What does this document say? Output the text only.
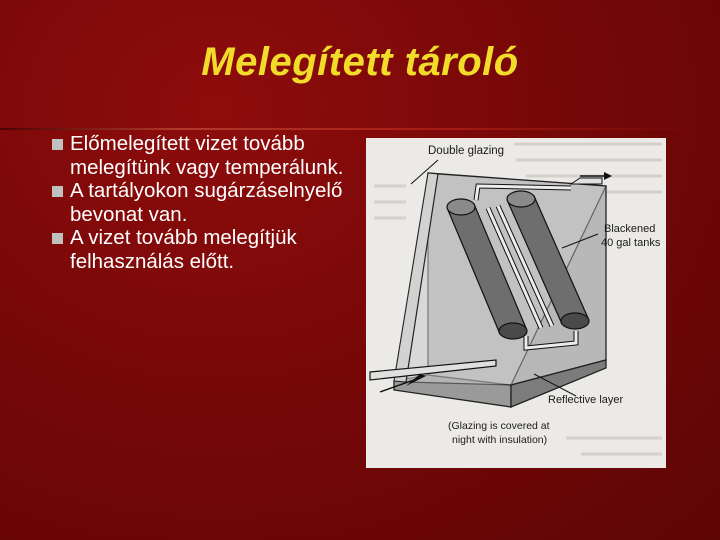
Melegített tároló
Előmelegített vizet tovább melegítünk vagy temperálunk.
A tartályokon sugárzáselnyelő bevonat van.
A vizet tovább melegítjük felhasználás előtt.
Double glazing
Blackened
40 gal tanks
Reflective layer
(Glazing is covered at
night with insulation)
